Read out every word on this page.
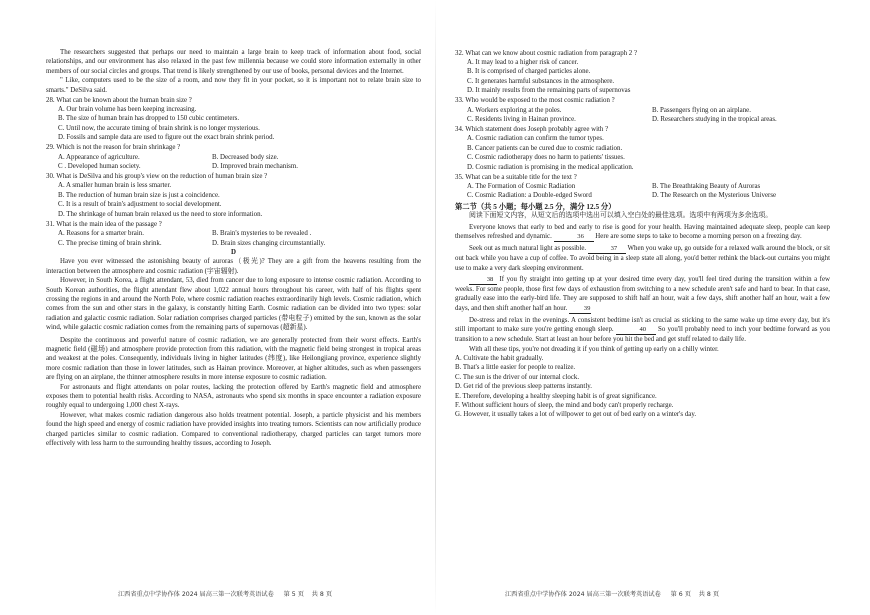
The researchers suggested that perhaps our need to maintain a large brain to keep track of information about food, social relationships, and our environment has also relaxed in the past few millennia because we could store information externally in other members of our social circles and groups. That trend is likely strengthened by our use of books, personal devices and the Internet.

" Like, computers used to be the size of a room, and now they fit in your pocket, so it is important not to relate brain size to smarts." DeSilva said.

28. What can be known about the human brain size ?

A. Our brain volume has been keeping increasing.

B. The size of human brain has dropped to 150 cubic centimeters.

C. Until now, the accurate timing of brain shrink is no longer mysterious.

D. Fossils and sample data are used to figure out the exact brain shrink period.

29. Which is not the reason for brain shrinkage ?

A. Appearance of agriculture.	B. Decreased body size.
C . Developed human society.	D. Improved brain mechanism.

30. What is DeSilva and his group's view on the reduction of human brain size ?

A. A smaller human brain is less smarter.

B. The reduction of human brain size is just a coincidence.

C. It is a result of brain's adjustment to social development.

D. The shrinkage of human brain relaxed us the need to store information.

31. What is the main idea of the passage ?

A. Reasons for a smarter brain.	B. Brain's mysteries to be revealed .
C. The precise timing of brain shrink.	D. Brain sizes changing circumstantially.

D

Have you ever witnessed the astonishing beauty of auroras（极光)? They are a gift from the heavens resulting from the interaction between the atmosphere and cosmic radiation (宇宙辐射).

However, in South Korea, a flight attendant, 53, died from cancer due to long exposure to intense cosmic radiation. According to South Korean authorities, the flight attendant flew about 1,022 annual hours throughout his career, with half of his flights spent crossing the regions in and around the North Pole, where cosmic radiation reaches extraordinarily high levels. Cosmic radiation, which comes from the sun and other stars in the galaxy, is constantly hitting Earth. Cosmic radiation can be divided into two types: solar radiation and galactic cosmic radiation. Solar radiation comprises charged particles (带电粒子) emitted by the sun, known as the solar wind, while galactic cosmic radiation comes from the remaining parts of supernovas (超新星).

Despite the continuous and powerful nature of cosmic radiation, we are generally protected from their worst effects. Earth's magnetic field (磁场) and atmosphere provide protection from this radiation, with the magnetic field being strongest in tropical areas and weakest at the poles. Consequently, individuals living in higher latitudes (纬度), like Heilongjiang province, experience slightly more cosmic radiation than those in lower latitudes, such as Hainan province. Moreover, at higher altitudes, such as when passengers are flying on an airplane, the thinner atmosphere results in more intense exposure to cosmic radiation.

For astronauts and flight attendants on polar routes, lacking the protection offered by Earth's magnetic field and atmosphere exposes them to potential health risks. According to NASA, astronauts who spend six months in space encounter a radiation exposure roughly equal to undergoing 1,000 chest X-rays.

However, what makes cosmic radiation dangerous also holds treatment potential. Joseph, a particle physicist and his members found the high speed and energy of cosmic radiation have provided insights into treating tumors. Scientists can now artificially produce charged particles similar to cosmic radiation. Compared to conventional radiotherapy, charged particles can target tumors more effectively with less harm to the surrounding healthy tissues, according to Joseph.

江西省重点中学协作体 2024 届高三第一次联考英语试卷 第 5 页 共 8 页

32. What can we know about cosmic radiation from paragraph 2 ?

A. It may lead to a higher risk of cancer.

B. It is comprised of charged particles alone.

C. It generates harmful substances in the atmosphere.

D. It mainly results from the remaining parts of supernovas

33. Who would be exposed to the most cosmic radiation ?

A. Workers exploring at the poles.	B. Passengers flying on an airplane.
C. Residents living in Hainan province.	D. Researchers studying in the tropical areas.

34. Which statement does Joseph probably agree with ?

A. Cosmic radiation can confirm the tumor types.

B. Cancer patients can be cured due to cosmic radiation.

C. Cosmic radiotherapy does no harm to patients' tissues.

D. Cosmic radiation is promising in the medical application.

35. What can be a suitable title for the text ?

A. The Formation of Cosmic Radiation	B. The Breathtaking Beauty of Auroras
C. Cosmic Radiation: a Double-edged Sword	D. The Research on the Mysterious Universe

第二节（共 5 小题；每小题 2.5 分，满分 12.5 分）

阅读下面短文内容，从短文后的选项中选出可以填入空白处的最佳选项。选项中有两项为多余选项。

Everyone knows that early to bed and early to rise is good for your health. Having maintained adequate sleep, people can keep themselves refreshed and dynamic.	36 Here are some steps to take to become a morning person on a freezing day.

Seek out as much natural light as possible.	37 When you wake up, go outside for a relaxed walk around the block, or sit out back while you have a cup of coffee. To avoid being in a sleep state all along, you'd better rethink the black-out curtains you might use to make a very dark sleeping environment.

38 If you fly straight into getting up at your desired time every day, you'll feel tired during the transition within a few weeks. For some people, those first few days of exhaustion from switching to a new schedule aren't safe and hard to bear. In that case, gradually ease into the early-bird life. They are supposed to shift half an hour, wait a few days, shift another half an hour, wait a few days, and then shift another half an hour. 39

De-stress and relax in the evenings. A consistent bedtime isn't as crucial as sticking to the same wake up time every day, but it's still important to make sure you're getting enough sleep.	40 So you'll probably need to inch your bedtime forward as you transition to a new schedule. Start at least an hour before you hit the bed and get stuff related to daily life.

With all these tips, you're not dreading it if you think of getting up early on a chilly winter.

A. Cultivate the habit gradually.

B. That's a little easier for people to realize.

C. The sun is the driver of our internal clock.

D. Get rid of the previous sleep patterns instantly.

E. Therefore, developing a healthy sleeping habit is of great significance.

F. Without sufficient hours of sleep, the mind and body can't properly recharge.

G. However, it usually takes a lot of willpower to get out of bed early on a winter's day.

江西省重点中学协作体 2024 届高三第一次联考英语试卷 第 6 页 共 8 页
